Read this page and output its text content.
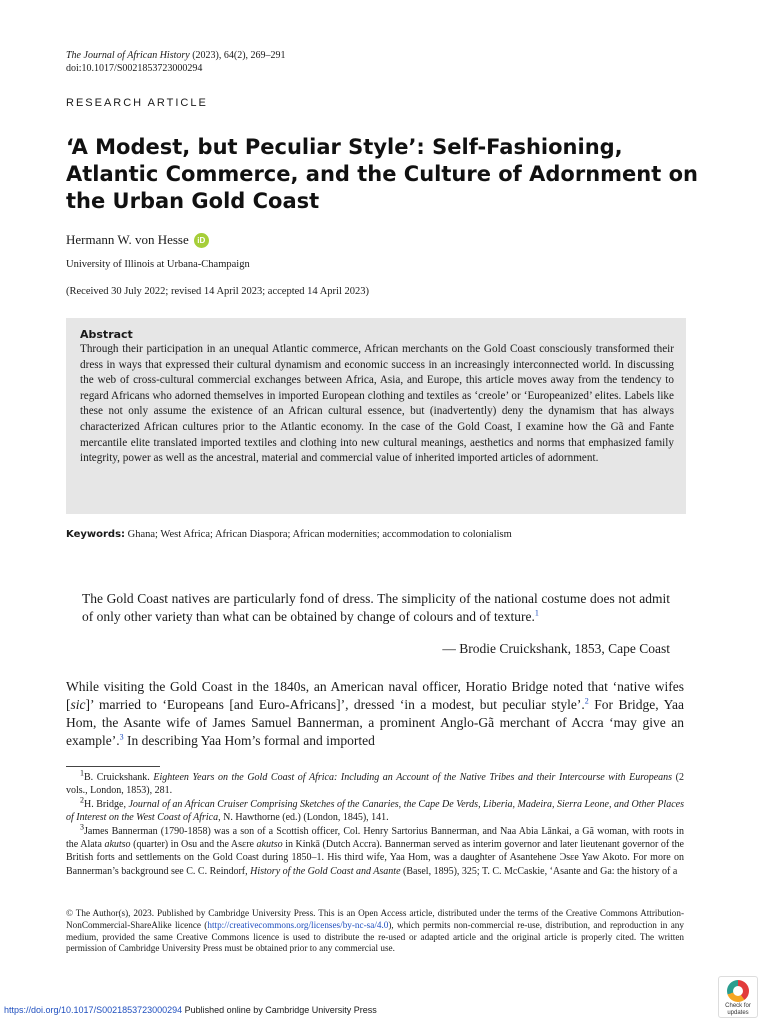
The Journal of African History (2023), 64(2), 269–291
doi:10.1017/S0021853723000294
RESEARCH ARTICLE
‘A Modest, but Peculiar Style’: Self-Fashioning, Atlantic Commerce, and the Culture of Adornment on the Urban Gold Coast
Hermann W. von Hesse	iD
University of Illinois at Urbana-Champaign
(Received 30 July 2022; revised 14 April 2023; accepted 14 April 2023)
Abstract
Through their participation in an unequal Atlantic commerce, African merchants on the Gold Coast consciously transformed their dress in ways that expressed their cultural dynamism and economic success in an increasingly interconnected world. In discussing the web of cross-cultural commercial exchanges between Africa, Asia, and Europe, this article moves away from the tendency to regard Africans who adorned themselves in imported European clothing and textiles as ‘creole’ or ‘Europeanized’ elites. Labels like these not only assume the existence of an African cultural essence, but (inadvertently) deny the dynamism that has always characterized African cultures prior to the Atlantic economy. In the case of the Gold Coast, I examine how the Gã and Fante mercantile elite translated imported textiles and clothing into new cultural meanings, aesthetics and norms that emphasized family integrity, power as well as the ancestral, material and commercial value of inherited imported articles of adornment.
Keywords: Ghana; West Africa; African Diaspora; African modernities; accommodation to colonialism
The Gold Coast natives are particularly fond of dress. The simplicity of the national costume does not admit of only other variety than what can be obtained by change of colours and of texture.$^1$
— Brodie Cruickshank, 1853, Cape Coast
While visiting the Gold Coast in the 1840s, an American naval officer, Horatio Bridge noted that ‘native wifes [sic]’ married to ‘Europeans [and Euro-Africans]’, dressed ‘in a modest, but peculiar style’.$^2$ For Bridge, Yaa Hom, the Asante wife of James Samuel Bannerman, a prominent Anglo-Gã merchant of Accra ‘may give an example’.$^3$ In describing Yaa Hom’s formal and imported
$^1$B. Cruickshank. Eighteen Years on the Gold Coast of Africa: Including an Account of the Native Tribes and their Intercourse with Europeans (2 vols., London, 1853), 281.
$^2$H. Bridge, Journal of an African Cruiser Comprising Sketches of the Canaries, the Cape De Verds, Liberia, Madeira, Sierra Leone, and Other Places of Interest on the West Coast of Africa, N. Hawthorne (ed.) (London, 1845), 141.
$^3$James Bannerman (1790-1858) was a son of a Scottish officer, Col. Henry Sartorius Bannerman, and Naa Abia Lānkai, a Gã woman, with roots in the Alata akutso (quarter) in Osu and the Asɛre akutso in Kinkā (Dutch Accra). Bannerman served as interim governor and later lieutenant governor of the British forts and settlements on the Gold Coast during 1850–1. His third wife, Yaa Hom, was a daughter of Asantehene Ɔsɛe Yaw Akoto. For more on Bannerman’s background see C. C. Reindorf, History of the Gold Coast and Asante (Basel, 1895), 325; T. C. McCaskie, ‘Asante and Ga: the history of a
© The Author(s), 2023. Published by Cambridge University Press. This is an Open Access article, distributed under the terms of the Creative Commons Attribution-NonCommercial-ShareAlike licence (http://creativecommons.org/licenses/by-nc-sa/4.0), which permits non-commercial re-use, distribution, and reproduction in any medium, provided the same Creative Commons licence is used to distribute the re-used or adapted article and the original article is properly cited. The written permission of Cambridge University Press must be obtained prior to any commercial use.
https://doi.org/10.1017/S0021853723000294 Published online by Cambridge University Press	Check for
updates
